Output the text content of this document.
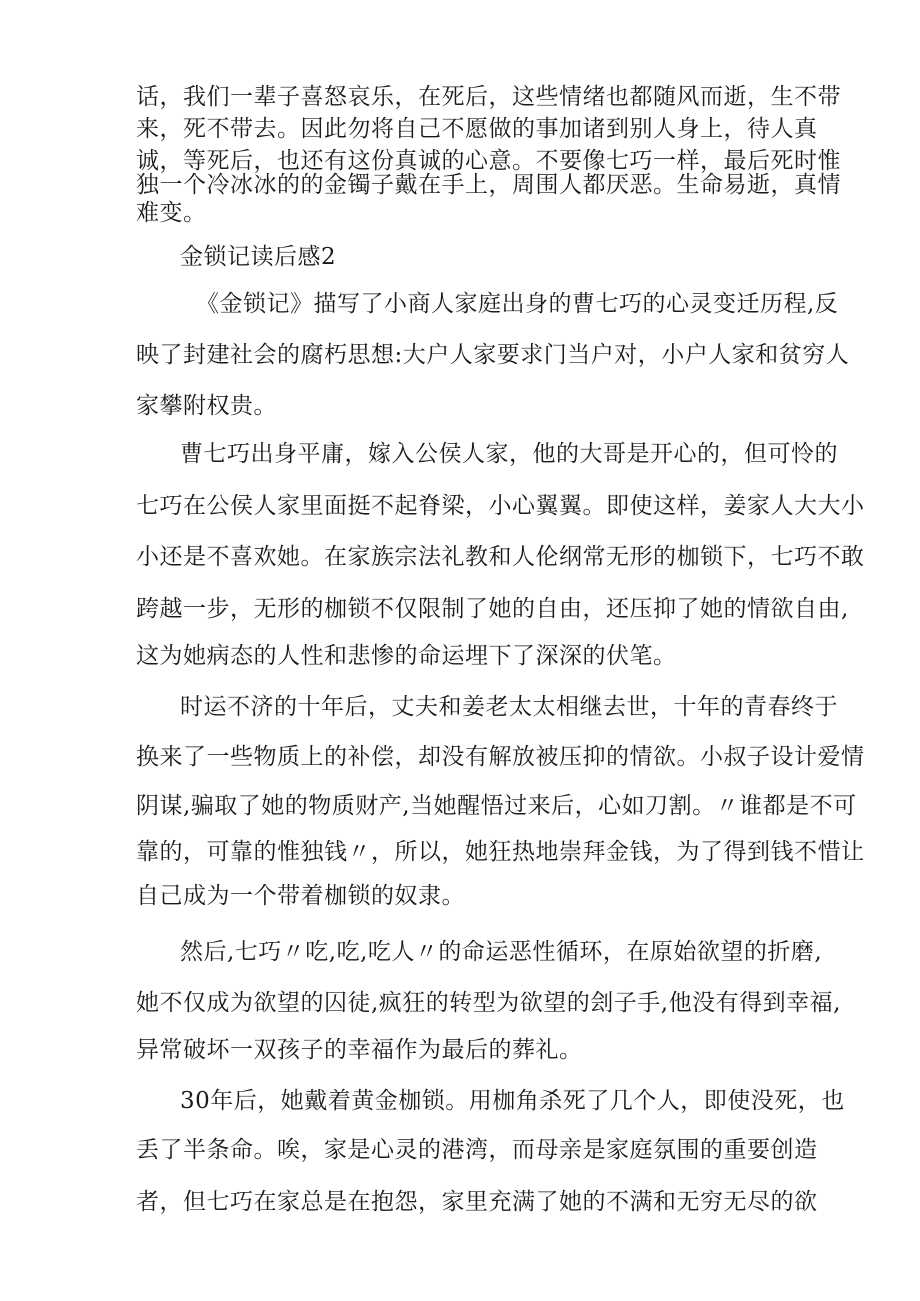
话，我们一辈子喜怒哀乐，在死后，这些情绪也都随风而逝，生不带

来，死不带去。因此勿将自己不愿做的事加诸到别人身上，待人真

诚，等死后，也还有这份真诚的心意。不要像七巧一样，最后死时惟

独一个冷冰冰的的金镯子戴在手上，周围人都厌恶。生命易逝，真情

难变。

金锁记读后感2

《金锁记》描写了小商人家庭出身的曹七巧的心灵变迁历程,反

映了封建社会的腐朽思想:大户人家要求门当户对，小户人家和贫穷人

家攀附权贵。

曹七巧出身平庸，嫁入公侯人家，他的大哥是开心的，但可怜的

七巧在公侯人家里面挺不起脊梁，小心翼翼。即使这样，姜家人大大小

小还是不喜欢她。在家族宗法礼教和人伦纲常无形的枷锁下，七巧不敢

跨越一步，无形的枷锁不仅限制了她的自由，还压抑了她的情欲自由,

这为她病态的人性和悲惨的命运埋下了深深的伏笔。

时运不济的十年后，丈夫和姜老太太相继去世，十年的青春终于

换来了一些物质上的补偿，却没有解放被压抑的情欲。小叔子设计爱情

阴谋,骗取了她的物质财产,当她醒悟过来后，心如刀割。〃谁都是不可

靠的，可靠的惟独钱〃，所以，她狂热地崇拜金钱，为了得到钱不惜让

自己成为一个带着枷锁的奴隶。

然后,七巧〃吃,吃,吃人〃的命运恶性循环，在原始欲望的折磨,

她不仅成为欲望的囚徒,疯狂的转型为欲望的刽子手,他没有得到幸福,

异常破坏一双孩子的幸福作为最后的葬礼。

30年后，她戴着黄金枷锁。用枷角杀死了几个人，即使没死，也

丢了半条命。唉，家是心灵的港湾，而母亲是家庭氛围的重要创造

者，但七巧在家总是在抱怨，家里充满了她的不满和无穷无尽的欲
